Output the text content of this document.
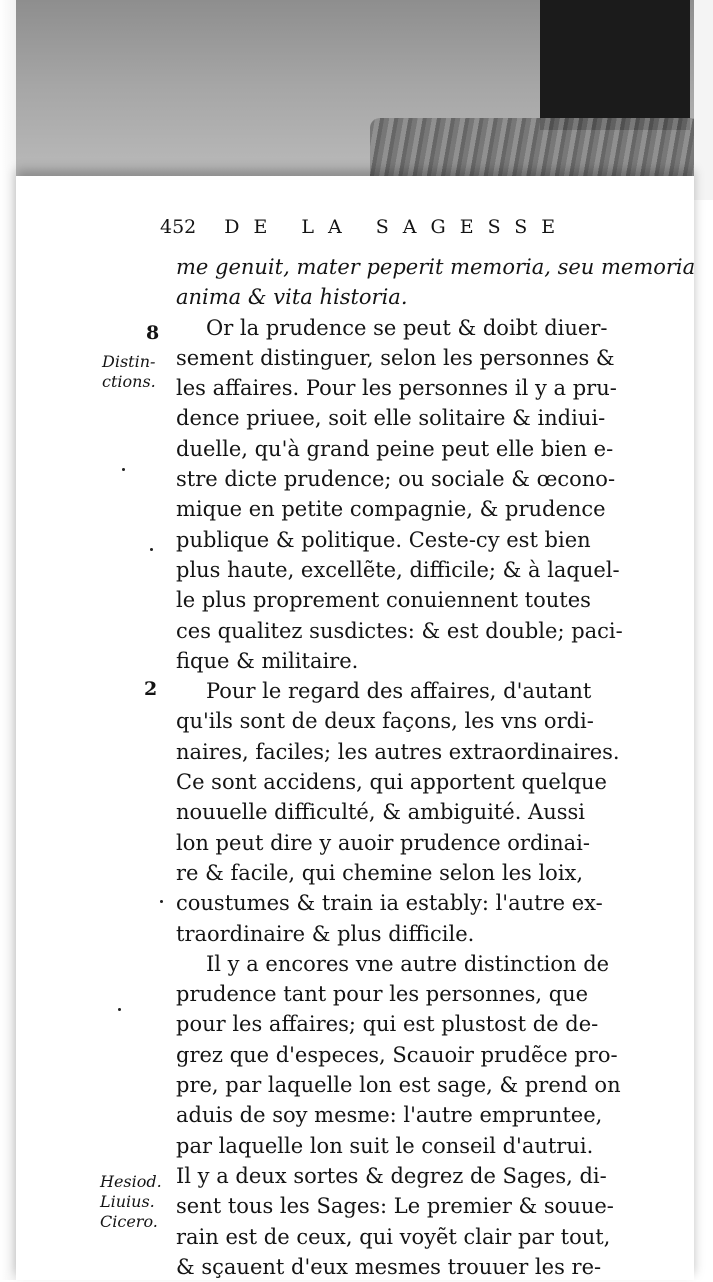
452 DE LA SAGESSE
8
Distin-
ctions.
2
Hesiod.
Liuius.
Cicero.
me genuit, mater peperit memoria, seu memoria
anima & vita historia.
Or la prudence se peut & doibt diuer-
sement distinguer, selon les personnes &
les affaires. Pour les personnes il y a pru-
dence priuee, soit elle solitaire & indiui-
duelle, qu'à grand peine peut elle bien e-
stre dicte prudence; ou sociale & œcono-
mique en petite compagnie, & prudence
publique & politique. Ceste-cy est bien
plus haute, excellẽte, difficile; & à laquel-
le plus proprement conuiennent toutes
ces qualitez susdictes: & est double; paci-
fique & militaire.
Pour le regard des affaires, d'autant
qu'ils sont de deux façons, les vns ordi-
naires, faciles; les autres extraordinaires.
Ce sont accidens, qui apportent quelque
nouuelle difficulté, & ambiguité. Aussi
lon peut dire y auoir prudence ordinai-
re & facile, qui chemine selon les loix,
coustumes & train ia estably: l'autre ex-
traordinaire & plus difficile.
Il y a encores vne autre distinction de
prudence tant pour les personnes, que
pour les affaires; qui est plustost de de-
grez que d'especes, Scauoir prudẽce pro-
pre, par laquelle lon est sage, & prend on
aduis de soy mesme: l'autre empruntee,
par laquelle lon suit le conseil d'autrui.
Il y a deux sortes & degrez de Sages, di-
sent tous les Sages: Le premier & souue-
rain est de ceux, qui voyẽt clair par tout,
& sçauent d'eux mesmes trouuer les re-
